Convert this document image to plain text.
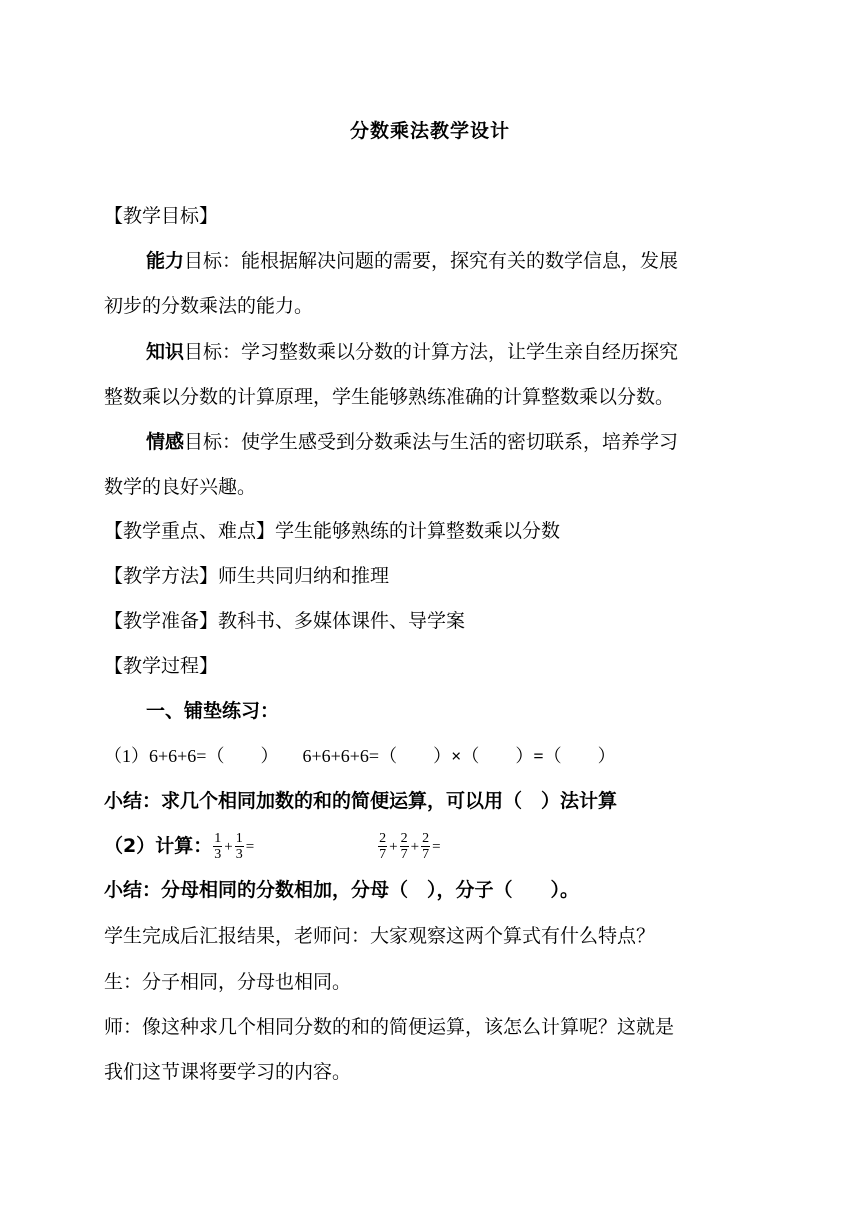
分数乘法教学设计
【教学目标】
能力目标：能根据解决问题的需要，探究有关的数学信息，发展
初步的分数乘法的能力。
知识目标：学习整数乘以分数的计算方法，让学生亲自经历探究
整数乘以分数的计算原理，学生能够熟练准确的计算整数乘以分数。
情感目标：使学生感受到分数乘法与生活的密切联系，培养学习
数学的良好兴趣。
【教学重点、难点】学生能够熟练的计算整数乘以分数
【教学方法】师生共同归纳和推理
【教学准备】教科书、多媒体课件、导学案
【教学过程】
一、铺垫练习：
（1）6+6+6=（　　） 6+6+6+6=（　　）×（　　）=（　　）
小结：求几个相同加数的和的简便运算，可以用（　）法计算
（2）计算： $\frac{1}{3} + \frac{1}{3}$ =	$\frac{2}{7} + \frac{2}{7} + \frac{2}{7}$ =
小结：分母相同的分数相加，分母（　），分子（　　）。
学生完成后汇报结果，老师问：大家观察这两个算式有什么特点？
生：分子相同，分母也相同。
师：像这种求几个相同分数的和的简便运算，该怎么计算呢？这就是
我们这节课将要学习的内容。
